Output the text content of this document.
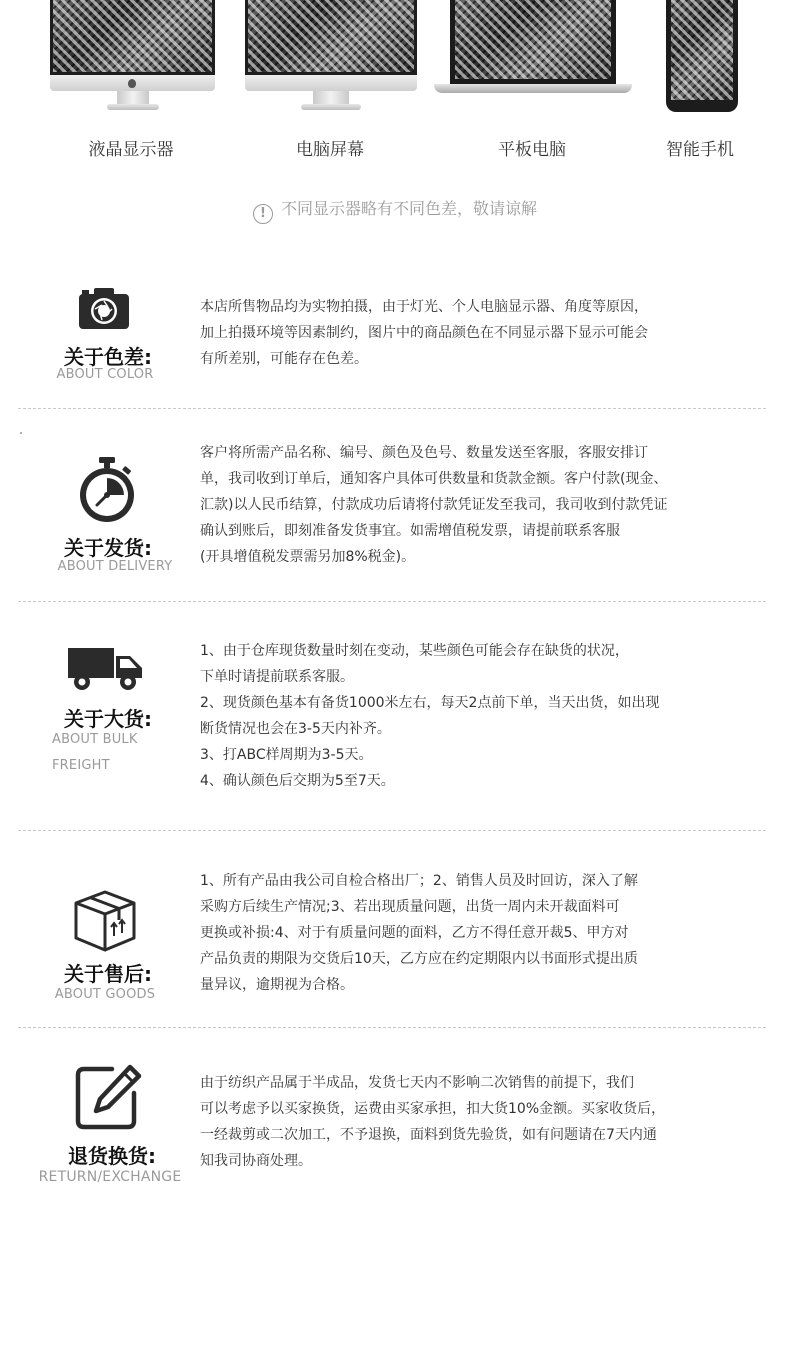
液晶显示器	电脑屏幕	平板电脑	智能手机
! 不同显示器略有不同色差，敬请谅解
关于色差:
ABOUT COLOR

本店所售物品均为实物拍摄，由于灯光、个人电脑显示器、角度等原因，

加上拍摄环境等因素制约，图片中的商品颜色在不同显示器下显示可能会

有所差别，可能存在色差。

关于发货:
ABOUT DELIVERY

客户将所需产品名称、编号、颜色及色号、数量发送至客服，客服安排订

单，我司收到订单后，通知客户具体可供数量和货款金额。客户付款(现金、

汇款)以人民币结算，付款成功后请将付款凭证发至我司，我司收到付款凭证

确认到账后，即刻准备发货事宜。如需增值税发票，请提前联系客服

(开具增值税发票需另加8%税金)。

关于大货:
ABOUT BULK
FREIGHT

1、由于仓库现货数量时刻在变动，某些颜色可能会存在缺货的状况，

下单时请提前联系客服。

2、现货颜色基本有备货1000米左右，每天2点前下单，当天出货，如出现

断货情况也会在3-5天内补齐。

3、打ABC样周期为3-5天。

4、确认颜色后交期为5至7天。

关于售后:
ABOUT GOODS

1、所有产品由我公司自检合格出厂；2、销售人员及时回访，深入了解

采购方后续生产情况;3、若出现质量问题，出货一周内未开裁面料可

更换或补损:4、对于有质量问题的面料，乙方不得任意开裁5、甲方对

产品负责的期限为交货后10天，乙方应在约定期限内以书面形式提出质

量异议，逾期视为合格。

退货换货:
RETURN/EXCHANGE

由于纺织产品属于半成品，发货七天内不影响二次销售的前提下，我们

可以考虑予以买家换货，运费由买家承担，扣大货10%金额。买家收货后，

一经裁剪或二次加工，不予退换，面料到货先验货，如有问题请在7天内通

知我司协商处理。
